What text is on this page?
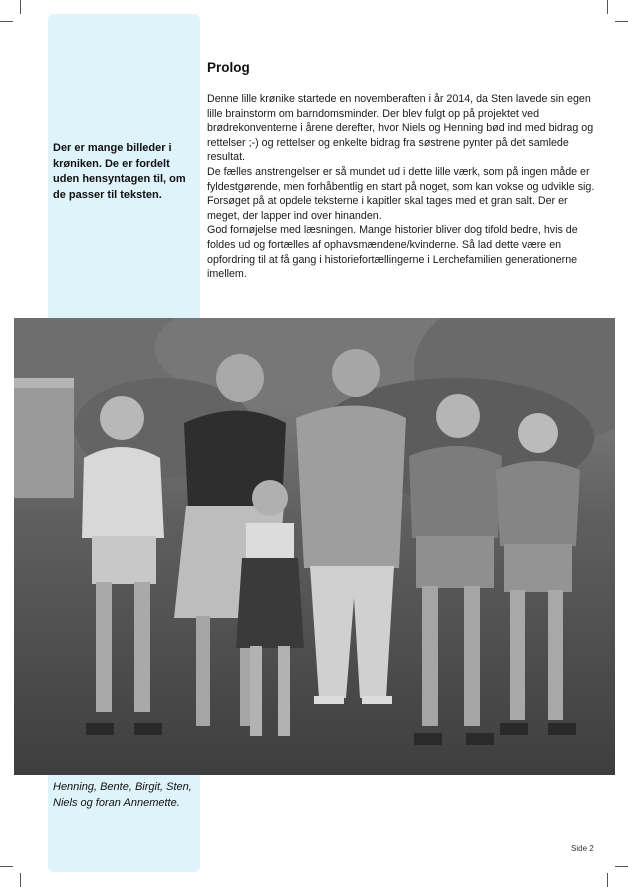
Der er mange billeder i krøniken. De er fordelt uden hensyntagen til, om de passer til teksten.
Prolog

Denne lille krønike startede en novemberaften i år 2014, da Sten lavede sin egen lille brainstorm om barndomsminder. Der blev fulgt op på projektet ved brødrekonventerne i årene derefter, hvor Niels og Henning bød ind med bidrag og rettelser ;-) og rettelser og enkelte bidrag fra søstrene pynter på det samlede resultat.

De fælles anstrengelser er så mundet ud i dette lille værk, som på ingen måde er fyldestgørende, men forhåbentlig en start på noget, som kan vokse og udvikle sig.

Forsøget på at opdele teksterne i kapitler skal tages med et gran salt. Der er meget, der lapper ind over hinanden.

God fornøjelse med læsningen. Mange historier bliver dog tifold bedre, hvis de foldes ud og fortælles af ophavsmændene/kvinderne. Så lad dette være en opfordring til at få gang i historiefortællingerne i Lerchefamilien generationerne imellem.

Henning, Bente, Birgit, Sten, Niels og foran Annemette.
Side 2
